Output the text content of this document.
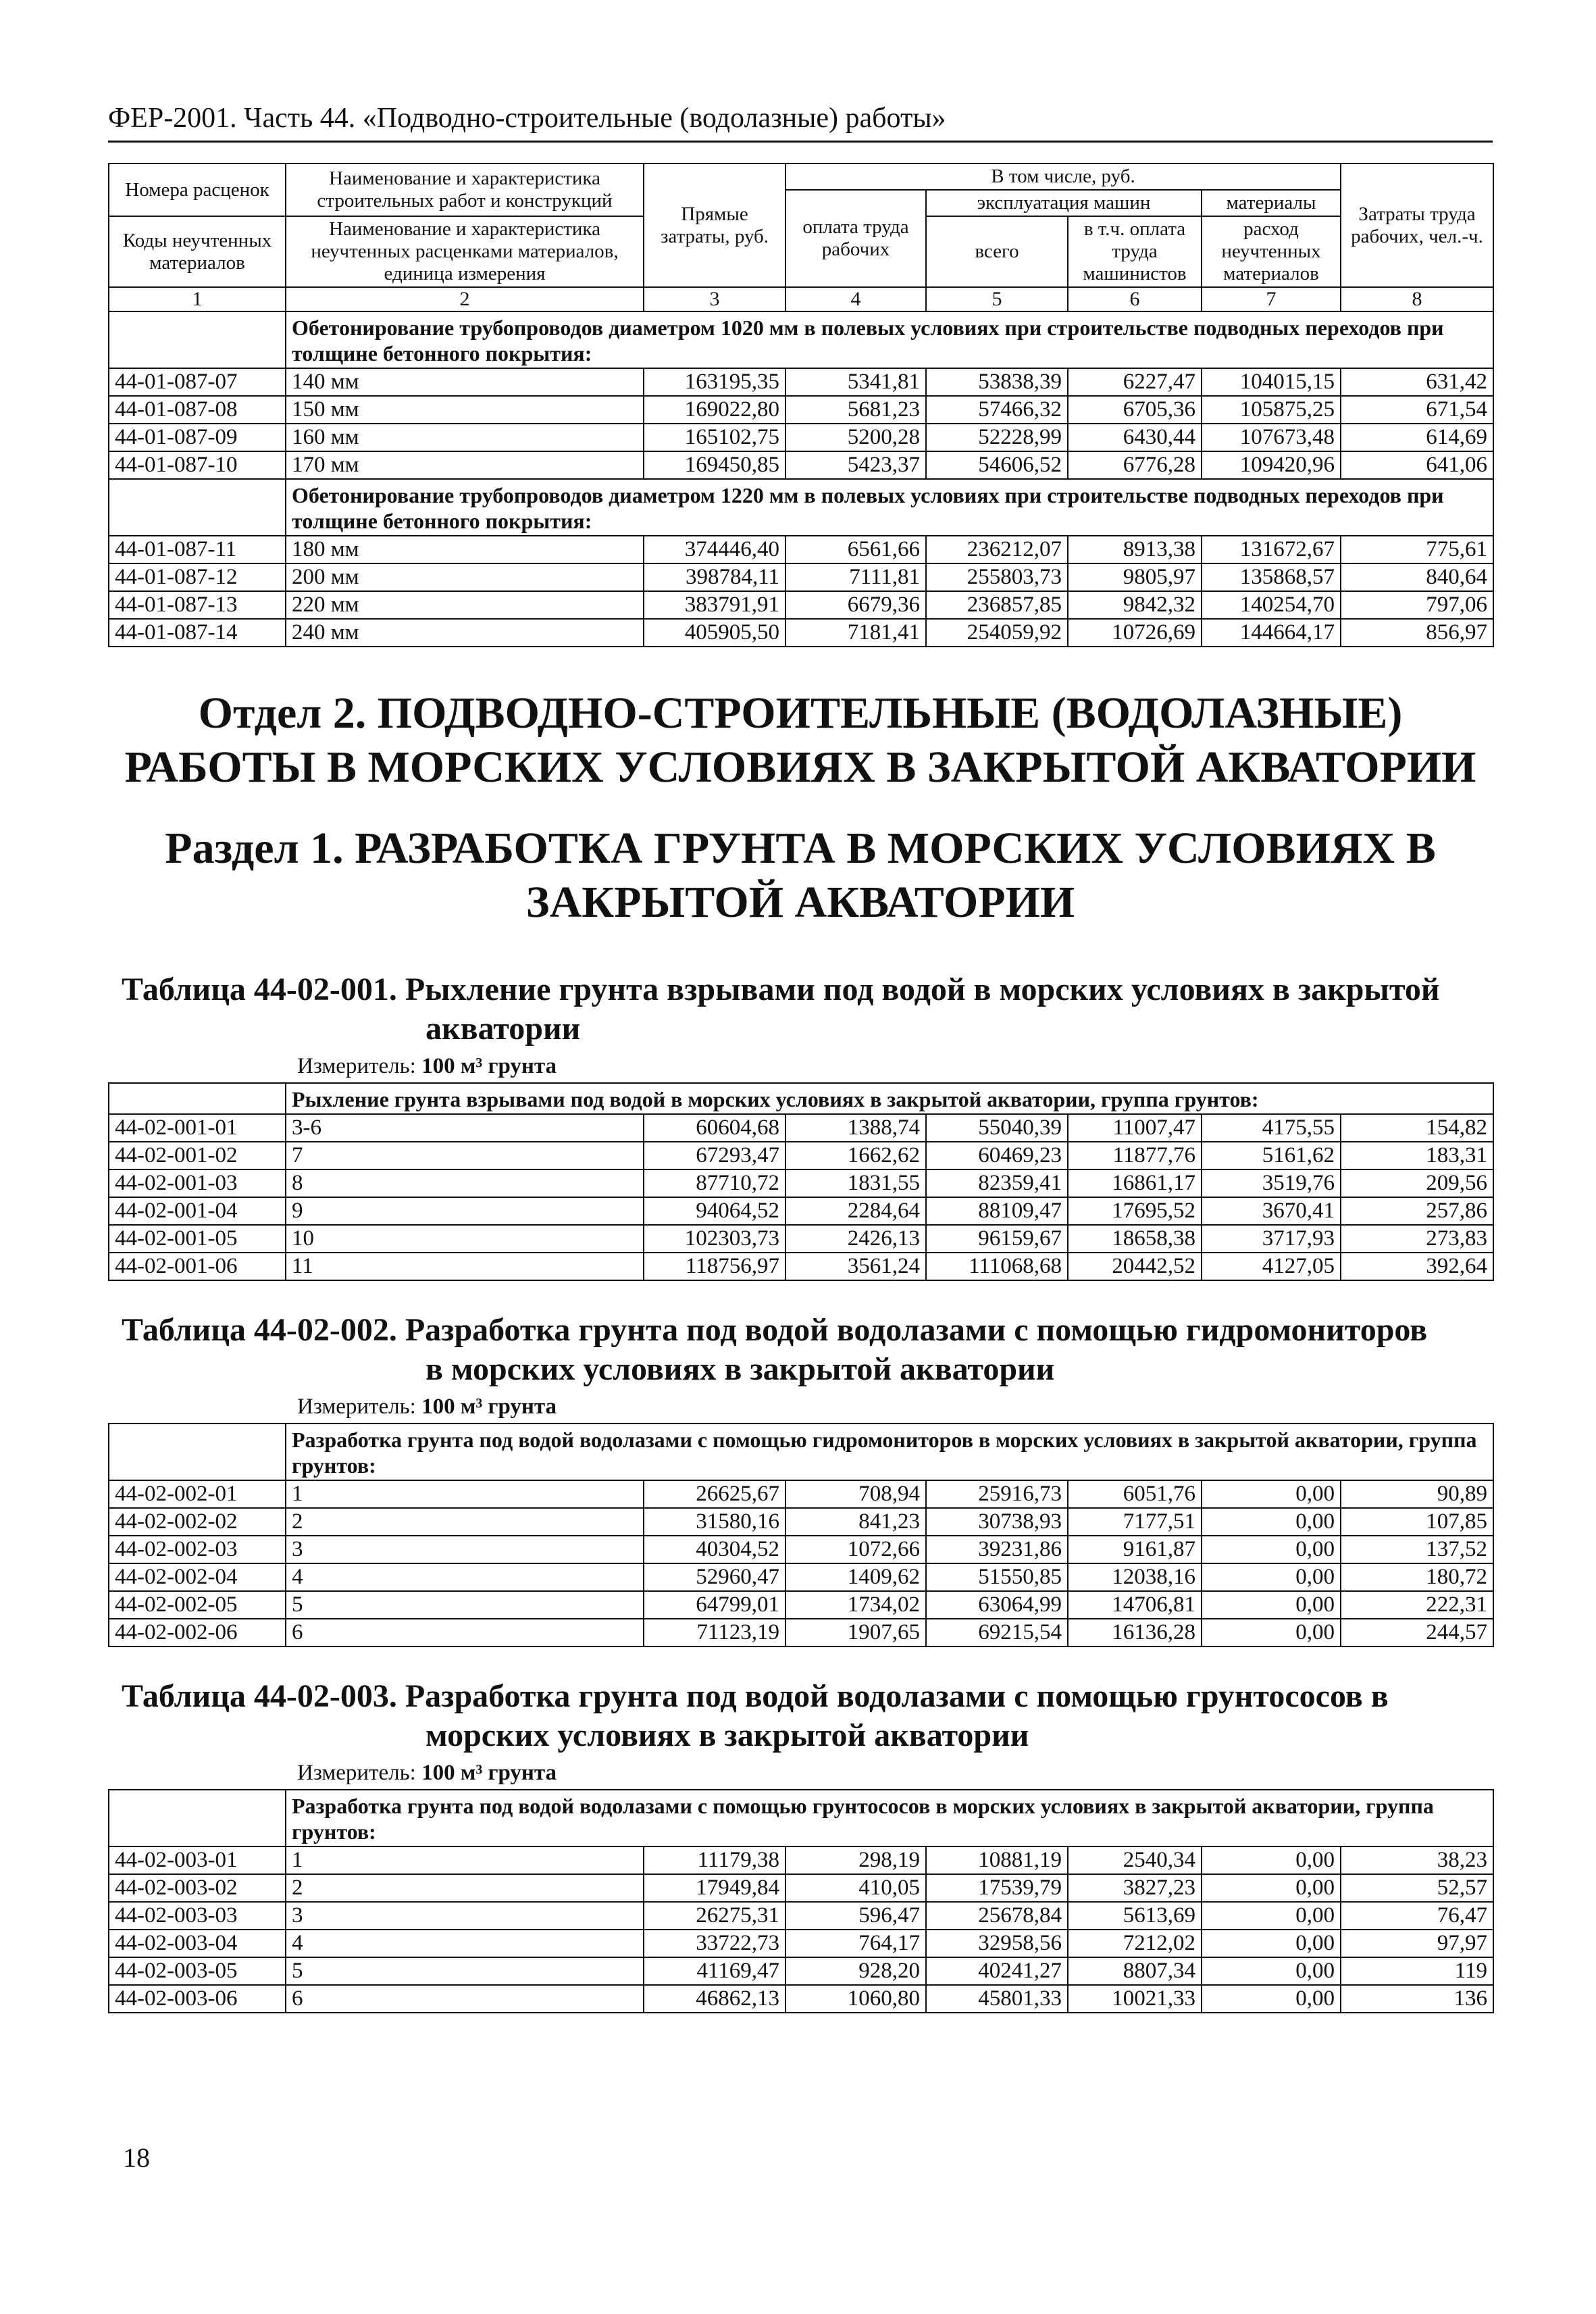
ФЕР-2001. Часть 44. «Подводно-строительные (водолазные) работы»
Номера расценок	Наименование и характеристика строительных работ и конструкций	Прямые затраты, руб.	В том числе, руб.				Затраты труда рабочих, чел.-ч.
			оплата труда рабочих	эксплуатация машин		материалы	
Коды неучтенных материалов	Наименование и характеристика неучтенных расценками материалов, единица измерения			всего	в т.ч. оплата труда машинистов	расход неучтенных материалов	

1	2	3	4	5	6	7	8
	Обетонирование трубопроводов диаметром 1020 мм в полевых условиях при строительстве подводных переходов при толщине бетонного покрытия:						
44-01-087-07	140 мм	163195,35	5341,81	53838,39	6227,47	104015,15	631,42
44-01-087-08	150 мм	169022,80	5681,23	57466,32	6705,36	105875,25	671,54
44-01-087-09	160 мм	165102,75	5200,28	52228,99	6430,44	107673,48	614,69
44-01-087-10	170 мм	169450,85	5423,37	54606,52	6776,28	109420,96	641,06
	Обетонирование трубопроводов диаметром 1220 мм в полевых условиях при строительстве подводных переходов при толщине бетонного покрытия:						
44-01-087-11	180 мм	374446,40	6561,66	236212,07	8913,38	131672,67	775,61
44-01-087-12	200 мм	398784,11	7111,81	255803,73	9805,97	135868,57	840,64
44-01-087-13	220 мм	383791,91	6679,36	236857,85	9842,32	140254,70	797,06
44-01-087-14	240 мм	405905,50	7181,41	254059,92	10726,69	144664,17	856,97
Отдел 2. ПОДВОДНО-СТРОИТЕЛЬНЫЕ (ВОДОЛАЗНЫЕ) РАБОТЫ В МОРСКИХ УСЛОВИЯХ В ЗАКРЫТОЙ АКВАТОРИИ
Раздел 1. РАЗРАБОТКА ГРУНТА В МОРСКИХ УСЛОВИЯХ В ЗАКРЫТОЙ АКВАТОРИИ
Таблица 44-02-001. Рыхление грунта взрывами под водой в морских условиях в закрытой
акватории
Измеритель: 100 м³ грунта
	Рыхление грунта взрывами под водой в морских условиях в закрытой акватории, группа грунтов:						
44-02-001-01	3-6	60604,68	1388,74	55040,39	11007,47	4175,55	154,82
44-02-001-02	7	67293,47	1662,62	60469,23	11877,76	5161,62	183,31
44-02-001-03	8	87710,72	1831,55	82359,41	16861,17	3519,76	209,56
44-02-001-04	9	94064,52	2284,64	88109,47	17695,52	3670,41	257,86
44-02-001-05	10	102303,73	2426,13	96159,67	18658,38	3717,93	273,83
44-02-001-06	11	118756,97	3561,24	111068,68	20442,52	4127,05	392,64
Таблица 44-02-002. Разработка грунта под водой водолазами с помощью гидромониторов
в морских условиях в закрытой акватории
Измеритель: 100 м³ грунта
	Разработка грунта под водой водолазами с помощью гидромониторов в морских условиях в закрытой акватории, группа грунтов:						
44-02-002-01	1	26625,67	708,94	25916,73	6051,76	0,00	90,89
44-02-002-02	2	31580,16	841,23	30738,93	7177,51	0,00	107,85
44-02-002-03	3	40304,52	1072,66	39231,86	9161,87	0,00	137,52
44-02-002-04	4	52960,47	1409,62	51550,85	12038,16	0,00	180,72
44-02-002-05	5	64799,01	1734,02	63064,99	14706,81	0,00	222,31
44-02-002-06	6	71123,19	1907,65	69215,54	16136,28	0,00	244,57
Таблица 44-02-003. Разработка грунта под водой водолазами с помощью грунтососов в
морских условиях в закрытой акватории
Измеритель: 100 м³ грунта
	Разработка грунта под водой водолазами с помощью грунтососов в морских условиях в закрытой акватории, группа грунтов:						
44-02-003-01	1	11179,38	298,19	10881,19	2540,34	0,00	38,23
44-02-003-02	2	17949,84	410,05	17539,79	3827,23	0,00	52,57
44-02-003-03	3	26275,31	596,47	25678,84	5613,69	0,00	76,47
44-02-003-04	4	33722,73	764,17	32958,56	7212,02	0,00	97,97
44-02-003-05	5	41169,47	928,20	40241,27	8807,34	0,00	119
44-02-003-06	6	46862,13	1060,80	45801,33	10021,33	0,00	136
18
